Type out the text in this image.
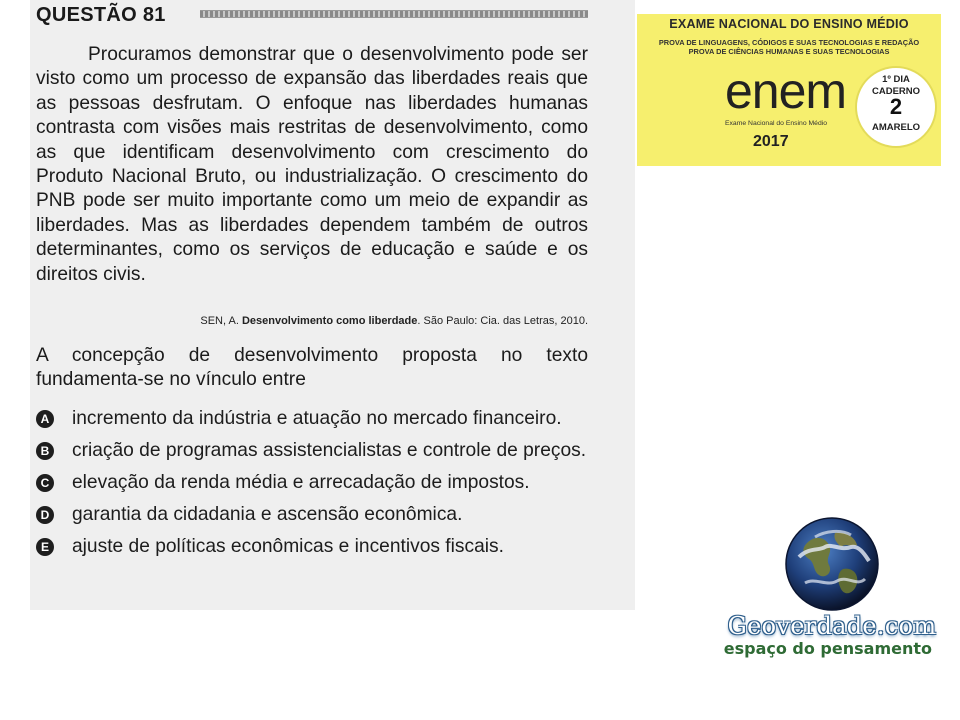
QUESTÃO 81

Procuramos demonstrar que o desenvolvimento pode ser visto como um processo de expansão das liberdades reais que as pessoas desfrutam. O enfoque nas liberdades humanas contrasta com visões mais restritas de desenvolvimento, como as que identificam desenvolvimento com crescimento do Produto Nacional Bruto, ou industrialização. O crescimento do PNB pode ser muito importante como um meio de expandir as liberdades. Mas as liberdades dependem também de outros determinantes, como os serviços de educação e saúde e os direitos civis.

SEN, A. Desenvolvimento como liberdade. São Paulo: Cia. das Letras, 2010.

A concepção de desenvolvimento proposta no texto fundamenta-se no vínculo entre

A incremento da indústria e atuação no mercado financeiro.
B criação de programas assistencialistas e controle de preços.
C elevação da renda média e arrecadação de impostos.
D garantia da cidadania e ascensão econômica.
E ajuste de políticas econômicas e incentivos fiscais.
EXAME NACIONAL DO ENSINO MÉDIO
PROVA DE LINGUAGENS, CÓDIGOS E SUAS TECNOLOGIAS E REDAÇÃO
PROVA DE CIÊNCIAS HUMANAS E SUAS TECNOLOGIAS
enem
Exame Nacional do Ensino Médio
2017
1º DIA
CADERNO
2
AMARELO
Geoverdade.com
espaço do pensamento
